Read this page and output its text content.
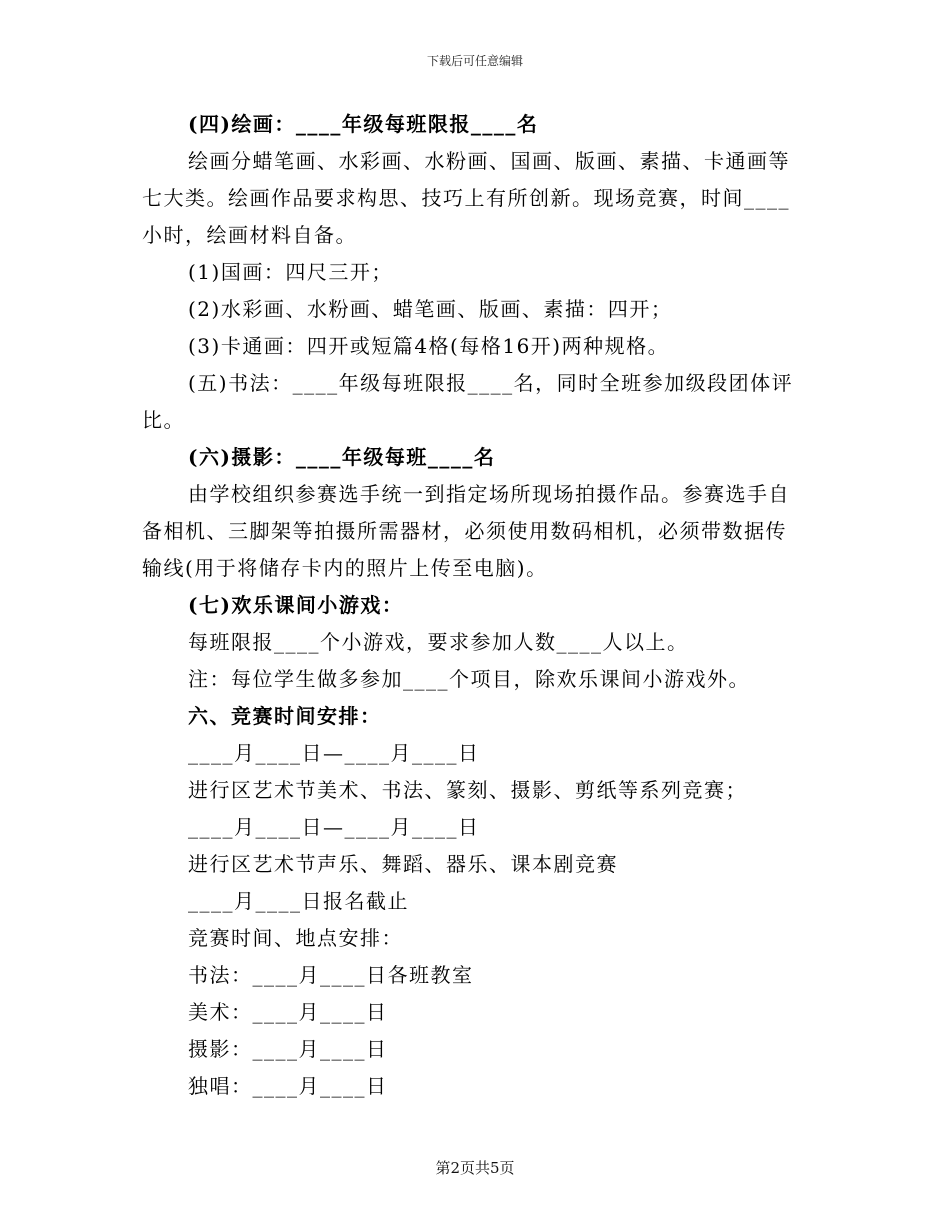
下载后可任意编辑
(四)绘画：____年级每班限报____名
绘画分蜡笔画、水彩画、水粉画、国画、版画、素描、卡通画等
七大类。绘画作品要求构思、技巧上有所创新。现场竞赛，时间____
小时，绘画材料自备。
(1)国画：四尺三开；
(2)水彩画、水粉画、蜡笔画、版画、素描：四开；
(3)卡通画：四开或短篇4格(每格16开)两种规格。
(五)书法：____年级每班限报____名，同时全班参加级段团体评
比。
(六)摄影：____年级每班____名
由学校组织参赛选手统一到指定场所现场拍摄作品。参赛选手自
备相机、三脚架等拍摄所需器材，必须使用数码相机，必须带数据传
输线(用于将储存卡内的照片上传至电脑)。
(七)欢乐课间小游戏：
每班限报____个小游戏，要求参加人数____人以上。
注：每位学生做多参加____个项目，除欢乐课间小游戏外。
六、竞赛时间安排：
____月____日—____月____日
进行区艺术节美术、书法、篆刻、摄影、剪纸等系列竞赛；
____月____日—____月____日
进行区艺术节声乐、舞蹈、器乐、课本剧竞赛
____月____日报名截止
竞赛时间、地点安排：
书法：____月____日各班教室
美术：____月____日
摄影：____月____日
独唱：____月____日
第2页共5页
